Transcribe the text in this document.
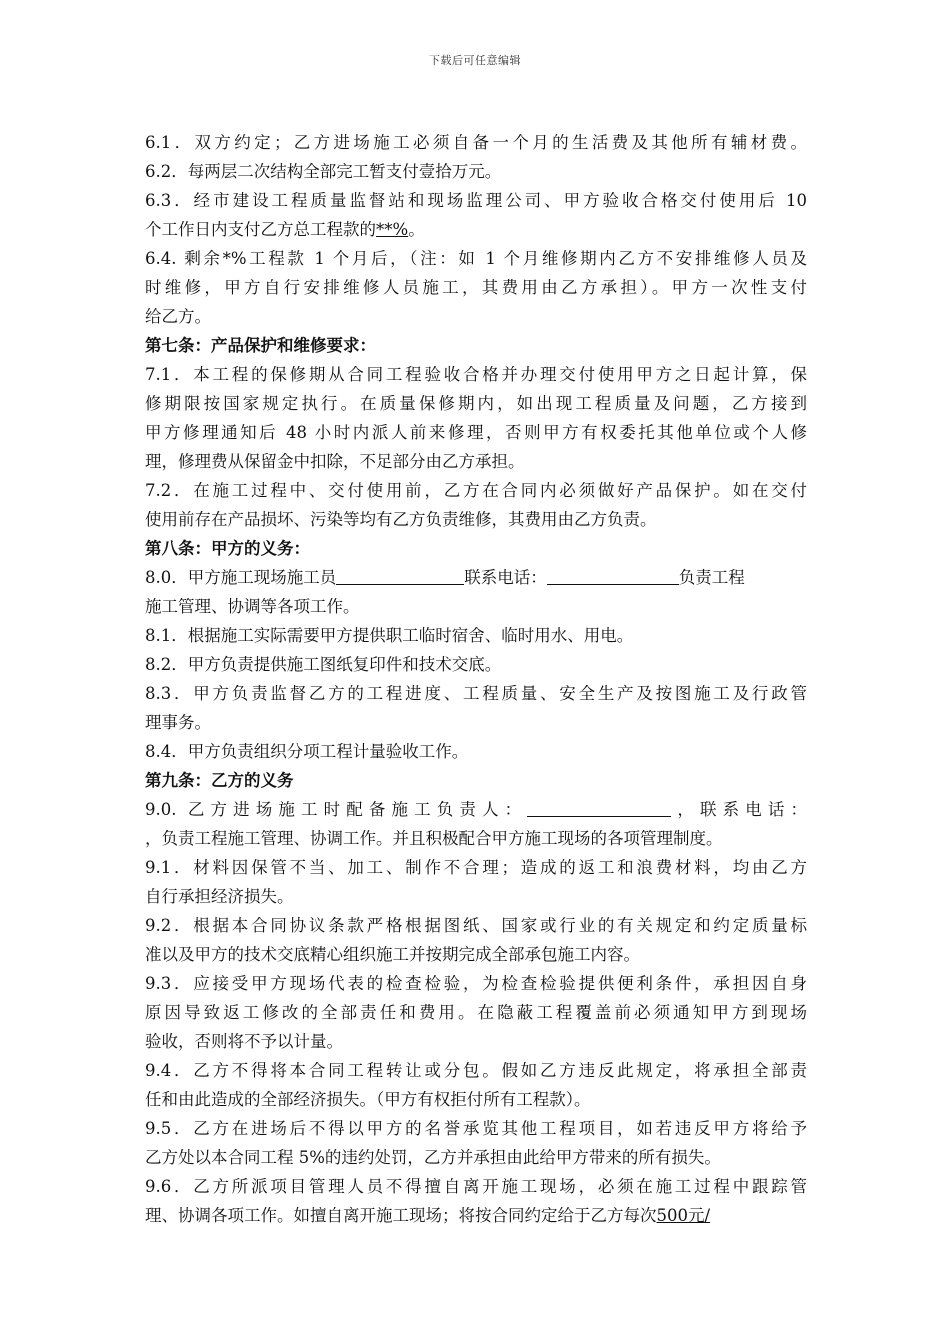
下载后可任意编辑
6.1．双方约定；乙方进场施工必须自备一个月的生活费及其他所有辅材费。
6.2．每两层二次结构全部完工暂支付壹拾万元。
6.3．经市建设工程质量监督站和现场监理公司、甲方验收合格交付使用后 10
个工作日内支付乙方总工程款的**%。
6.4. 剩余*%工程款 1 个月后，（注：如 1 个月维修期内乙方不安排维修人员及
时维修，甲方自行安排维修人员施工，其费用由乙方承担）。甲方一次性支付
给乙方。
第七条：产品保护和维修要求：
7.1．本工程的保修期从合同工程验收合格并办理交付使用甲方之日起计算，保
修期限按国家规定执行。在质量保修期内，如出现工程质量及问题，乙方接到
甲方修理通知后 48 小时内派人前来修理，否则甲方有权委托其他单位或个人修
理，修理费从保留金中扣除，不足部分由乙方承担。
7.2．在施工过程中、交付使用前，乙方在合同内必须做好产品保护。如在交付
使用前存在产品损坏、污染等均有乙方负责维修，其费用由乙方负责。
第八条：甲方的义务：
8.0．甲方施工现场施工员	联系电话：	负责工程
施工管理、协调等各项工作。
8.1．根据施工实际需要甲方提供职工临时宿舍、临时用水、用电。
8.2．甲方负责提供施工图纸复印件和技术交底。
8.3．甲方负责监督乙方的工程进度、工程质量、安全生产及按图施工及行政管
理事务。
8.4．甲方负责组织分项工程计量验收工作。
第九条：乙方的义务
9.0. 乙方进场施工时配备施工负责人：	，联系电话：
，负责工程施工管理、协调工作。并且积极配合甲方施工现场的各项管理制度。
9.1．材料因保管不当、加工、制作不合理；造成的返工和浪费材料，均由乙方
自行承担经济损失。
9.2．根据本合同协议条款严格根据图纸、国家或行业的有关规定和约定质量标
准以及甲方的技术交底精心组织施工并按期完成全部承包施工内容。
9.3．应接受甲方现场代表的检查检验，为检查检验提供便利条件，承担因自身
原因导致返工修改的全部责任和费用。在隐蔽工程覆盖前必须通知甲方到现场
验收，否则将不予以计量。
9.4．乙方不得将本合同工程转让或分包。假如乙方违反此规定，将承担全部责
任和由此造成的全部经济损失。（甲方有权拒付所有工程款）。
9.5．乙方在进场后不得以甲方的名誉承览其他工程项目，如若违反甲方将给予
乙方处以本合同工程 5%的违约处罚，乙方并承担由此给甲方带来的所有损失。
9.6．乙方所派项目管理人员不得擅自离开施工现场，必须在施工过程中跟踪管
理、协调各项工作。如擅自离开施工现场；将按合同约定给于乙方每次500元/
